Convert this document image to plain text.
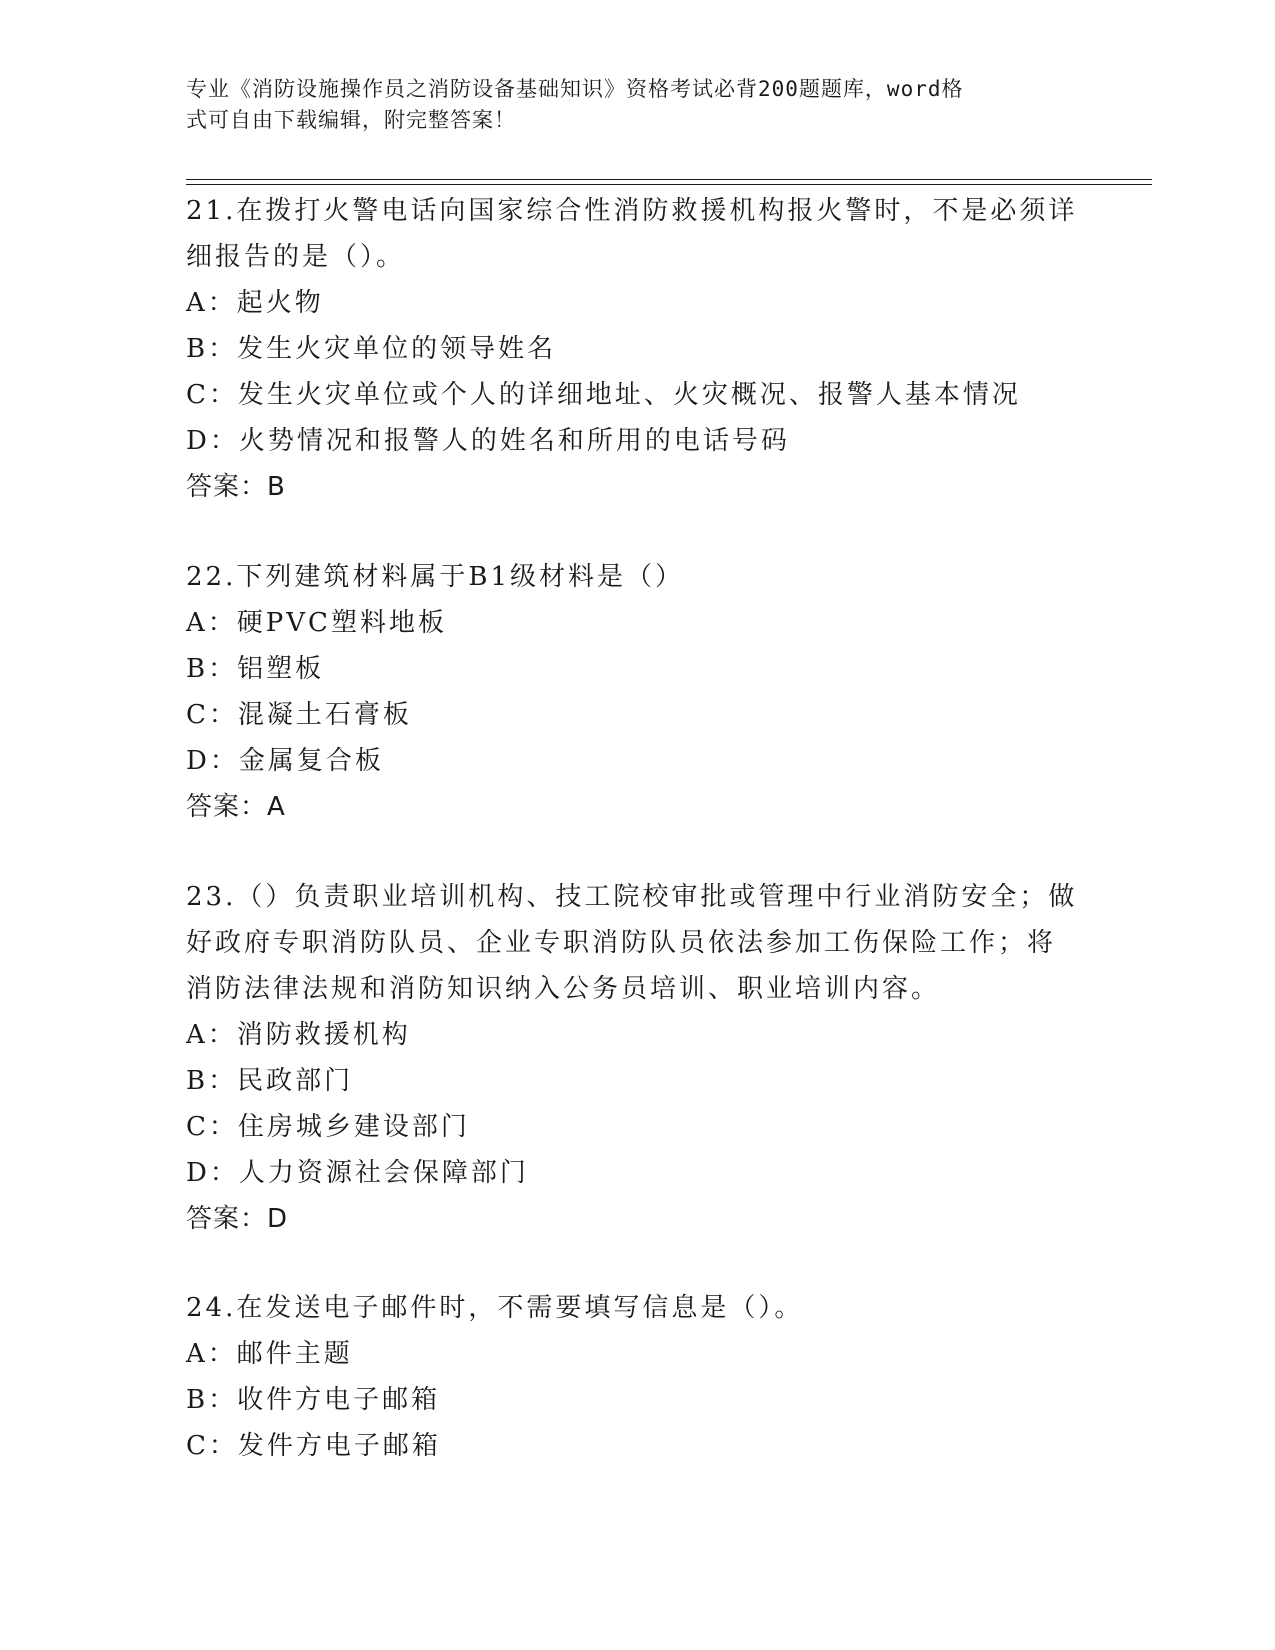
专业《消防设施操作员之消防设备基础知识》资格考试必背200题题库，word格
式可自由下载编辑，附完整答案！

21.在拨打火警电话向国家综合性消防救援机构报火警时，不是必须详

细报告的是（）。

A：起火物

B：发生火灾单位的领导姓名

C：发生火灾单位或个人的详细地址、火灾概况、报警人基本情况

D：火势情况和报警人的姓名和所用的电话号码

答案：B

22.下列建筑材料属于B1级材料是（）

A：硬PVC塑料地板

B：铝塑板

C：混凝土石膏板

D：金属复合板

答案：A

23.（）负责职业培训机构、技工院校审批或管理中行业消防安全；做

好政府专职消防队员、企业专职消防队员依法参加工伤保险工作；将

消防法律法规和消防知识纳入公务员培训、职业培训内容。

A：消防救援机构

B：民政部门

C：住房城乡建设部门

D：人力资源社会保障部门

答案：D

24.在发送电子邮件时，不需要填写信息是（）。

A：邮件主题

B：收件方电子邮箱

C：发件方电子邮箱
